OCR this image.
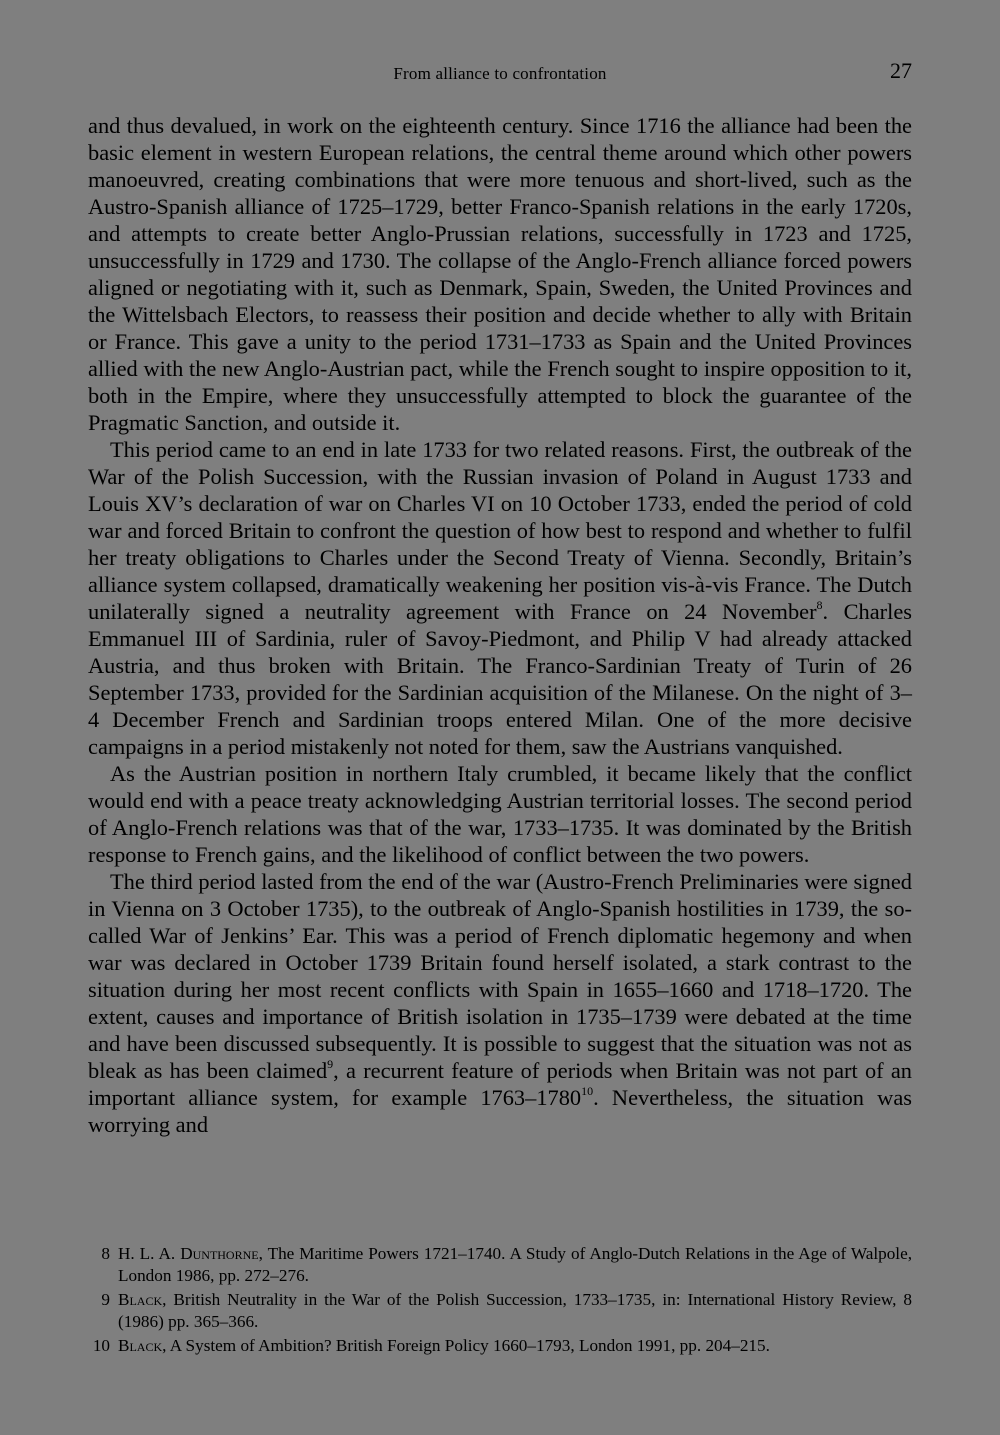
From alliance to confrontation	27

and thus devalued, in work on the eighteenth century. Since 1716 the alliance had been the basic element in western European relations, the central theme around which other powers manoeuvred, creating combinations that were more tenuous and short-lived, such as the Austro-Spanish alliance of 1725–1729, better Franco-Spanish relations in the early 1720s, and attempts to create better Anglo-Prussian relations, successfully in 1723 and 1725, unsuccessfully in 1729 and 1730. The collapse of the Anglo-French alliance forced powers aligned or negotiating with it, such as Denmark, Spain, Sweden, the United Provinces and the Wittelsbach Electors, to reassess their position and decide whether to ally with Britain or France. This gave a unity to the period 1731–1733 as Spain and the United Provinces allied with the new Anglo-Austrian pact, while the French sought to inspire opposition to it, both in the Empire, where they unsuccessfully attempted to block the guarantee of the Pragmatic Sanction, and outside it.

This period came to an end in late 1733 for two related reasons. First, the outbreak of the War of the Polish Succession, with the Russian invasion of Poland in August 1733 and Louis XV’s declaration of war on Charles VI on 10 October 1733, ended the period of cold war and forced Britain to confront the question of how best to respond and whether to fulfil her treaty obligations to Charles under the Second Treaty of Vienna. Secondly, Britain’s alliance system collapsed, dramatically weakening her position vis-à-vis France. The Dutch unilaterally signed a neutrality agreement with France on 24 November$^8$. Charles Emmanuel III of Sardinia, ruler of Savoy-Piedmont, and Philip V had already attacked Austria, and thus broken with Britain. The Franco-Sardinian Treaty of Turin of 26 September 1733, provided for the Sardinian acquisition of the Milanese. On the night of 3–4 December French and Sardinian troops entered Milan. One of the more decisive campaigns in a period mistakenly not noted for them, saw the Austrians vanquished.

As the Austrian position in northern Italy crumbled, it became likely that the conflict would end with a peace treaty acknowledging Austrian territorial losses. The second period of Anglo-French relations was that of the war, 1733–1735. It was dominated by the British response to French gains, and the likelihood of conflict between the two powers.

The third period lasted from the end of the war (Austro-French Preliminaries were signed in Vienna on 3 October 1735), to the outbreak of Anglo-Spanish hostilities in 1739, the so-called War of Jenkins’ Ear. This was a period of French diplomatic hegemony and when war was declared in October 1739 Britain found herself isolated, a stark contrast to the situation during her most recent conflicts with Spain in 1655–1660 and 1718–1720. The extent, causes and importance of British isolation in 1735–1739 were debated at the time and have been discussed subsequently. It is possible to suggest that the situation was not as bleak as has been claimed$^9$, a recurrent feature of periods when Britain was not part of an important alliance system, for example 1763–1780$^{10}$. Nevertheless, the situation was worrying and

8 H. L. A. Dunthorne, The Maritime Powers 1721–1740. A Study of Anglo-Dutch Relations in the Age of Walpole, London 1986, pp. 272–276.
9 Black, British Neutrality in the War of the Polish Succession, 1733–1735, in: International History Review, 8 (1986) pp. 365–366.
10 Black, A System of Ambition? British Foreign Policy 1660–1793, London 1991, pp. 204–215.
